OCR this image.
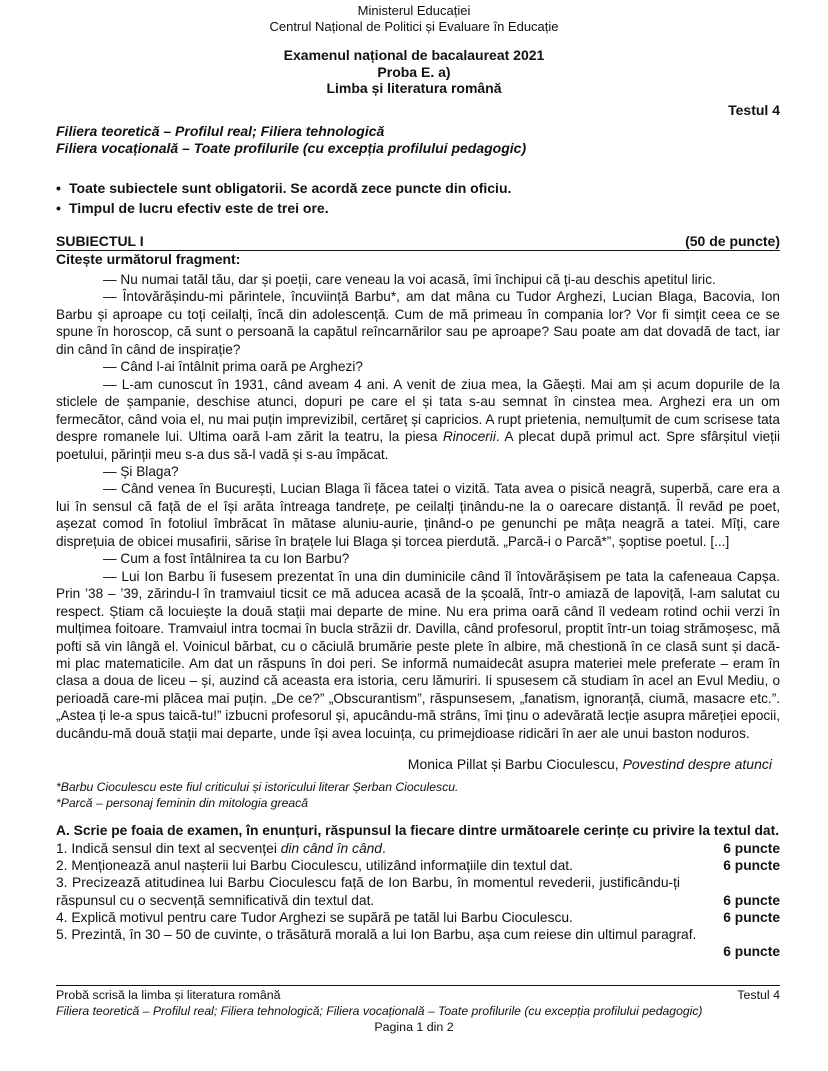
Ministerul Educației
Centrul Național de Politici și Evaluare în Educație
Examenul național de bacalaureat 2021
Proba E. a)
Limba și literatura română
Testul 4
Filiera teoretică – Profilul real; Filiera tehnologică
Filiera vocațională – Toate profilurile (cu excepția profilului pedagogic)
• Toate subiectele sunt obligatorii. Se acordă zece puncte din oficiu.
• Timpul de lucru efectiv este de trei ore.
SUBIECTUL I	(50 de puncte)
Citește următorul fragment:

— Nu numai tatăl tău, dar și poeții, care veneau la voi acasă, îmi închipui că ți-au deschis apetitul liric.

— Întovărășindu-mi părintele, încuviință Barbu*, am dat mâna cu Tudor Arghezi, Lucian Blaga, Bacovia, Ion Barbu și aproape cu toți ceilalți, încă din adolescență. Cum de mă primeau în compania lor? Vor fi simțit ceea ce se spune în horoscop, că sunt o persoană la capătul reîncarnărilor sau pe aproape? Sau poate am dat dovadă de tact, iar din când în când de inspirație?

— Când l-ai întâlnit prima oară pe Arghezi?

— L-am cunoscut în 1931, când aveam 4 ani. A venit de ziua mea, la Găești. Mai am și acum dopurile de la sticlele de șampanie, deschise atunci, dopuri pe care el și tata s-au semnat în cinstea mea. Arghezi era un om fermecător, când voia el, nu mai puțin imprevizibil, certăreț și capricios. A rupt prietenia, nemulțumit de cum scrisese tata despre romanele lui. Ultima oară l-am zărit la teatru, la piesa Rinocerii. A plecat după primul act. Spre sfârșitul vieții poetului, părinții meu s-a dus să-l vadă și s-au împăcat.

— Și Blaga?

— Când venea în București, Lucian Blaga îi făcea tatei o vizită. Tata avea o pisică neagră, superbă, care era a lui în sensul că față de el își arăta întreaga tandrețe, pe ceilalți ținându-ne la o oarecare distanță. Îl revăd pe poet, așezat comod în fotoliul îmbrăcat în mătase aluniu-aurie, ținând-o pe genunchi pe mâța neagră a tatei. Mîți, care disprețuia de obicei musafirii, sărise în brațele lui Blaga și torcea pierdută. „Parcă-i o Parcă*”, șoptise poetul. [...]

— Cum a fost întâlnirea ta cu Ion Barbu?

— Lui Ion Barbu îi fusesem prezentat în una din duminicile când îl întovărășisem pe tata la cafeneaua Capșa. Prin ’38 – ’39, zărindu-l în tramvaiul ticsit ce mă aducea acasă de la școală, într-o amiază de lapoviță, l-am salutat cu respect. Știam că locuiește la două stații mai departe de mine. Nu era prima oară când îl vedeam rotind ochii verzi în mulțimea foitoare. Tramvaiul intra tocmai în bucla străzii dr. Davilla, când profesorul, proptit într-un toiag strămoșesc, mă pofti să vin lângă el. Voinicul bărbat, cu o căciulă brumărie peste plete în albire, mă chestionă în ce clasă sunt și dacă-mi plac matematicile. Am dat un răspuns în doi peri. Se informă numaidecât asupra materiei mele preferate – eram în clasa a doua de liceu – și, auzind că aceasta era istoria, ceru lămuriri. Ii spusesem că studiam în acel an Evul Mediu, o perioadă care-mi plăcea mai puțin. „De ce?” „Obscurantism”, răspunsesem, „fanatism, ignoranță, ciumă, masacre etc.”. „Astea ți le-a spus taică-tu!” izbucni profesorul și, apucându-mă strâns, îmi ținu o adevărată lecție asupra măreției epocii, ducându-mă două stații mai departe, unde își avea locuința, cu primejdioase ridicări în aer ale unui baston noduros.

Monica Pillat și Barbu Cioculescu, Povestind despre atunci
*Barbu Cioculescu este fiul criticului și istoricului literar Șerban Cioculescu.
*Parcă – personaj feminin din mitologia greacă
A. Scrie pe foaia de examen, în enunțuri, răspunsul la fiecare dintre următoarele cerințe cu privire la textul dat.
1. Indică sensul din text al secvenței din când în când.	6 puncte
2. Menționează anul nașterii lui Barbu Cioculescu, utilizând informațiile din textul dat.	6 puncte
3. Precizează atitudinea lui Barbu Cioculescu față de Ion Barbu, în momentul revederii, justificându-ți răspunsul cu o secvență semnificativă din textul dat.	6 puncte
4. Explică motivul pentru care Tudor Arghezi se supără pe tatăl lui Barbu Cioculescu.	6 puncte
5. Prezintă, în 30 – 50 de cuvinte, o trăsătură morală a lui Ion Barbu, așa cum reiese din ultimul paragraf.
6 puncte
Probă scrisă la limba și literatura română	Testul 4
Filiera teoretică – Profilul real; Filiera tehnologică; Filiera vocațională – Toate profilurile (cu excepția profilului pedagogic)
Pagina 1 din 2
